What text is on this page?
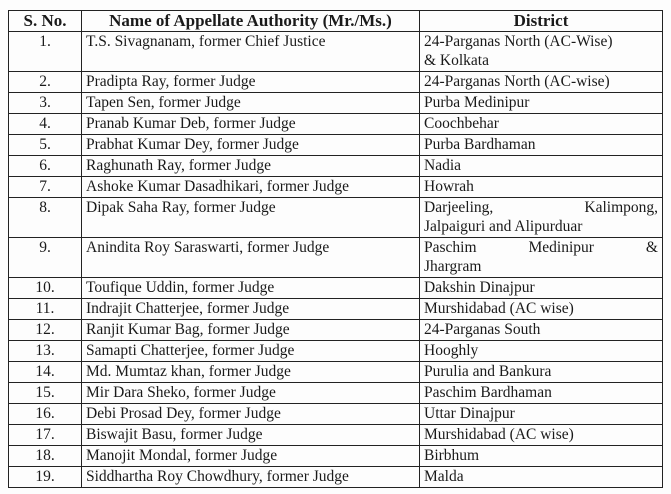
S. No.	Name of Appellate Authority (Mr./Ms.)	District
1.	T.S. Sivagnanam, former Chief Justice	24-Parganas North (AC-Wise)
& Kolkata

2.	Pradipta Ray, former Judge	24-Parganas North (AC-wise)

3.	Tapen Sen, former Judge	Purba Medinipur

4.	Pranab Kumar Deb, former Judge	Coochbehar

5.	Prabhat Kumar Dey, former Judge	Purba Bardhaman

6.	Raghunath Ray, former Judge	Nadia

7.	Ashoke Kumar Dasadhikari, former Judge	Howrah

8.	Dipak Saha Ray, former Judge	Darjeeling, Kalimpong,
Jalpaiguri and Alipurduar

9.	Anindita Roy Saraswarti, former Judge	Paschim Medinipur &
Jhargram

10.	Toufique Uddin, former Judge	Dakshin Dinajpur

11.	Indrajit Chatterjee, former Judge	Murshidabad (AC wise)

12.	Ranjit Kumar Bag, former Judge	24-Parganas South

13.	Samapti Chatterjee, former Judge	Hooghly

14.	Md. Mumtaz khan, former Judge	Purulia and Bankura

15.	Mir Dara Sheko, former Judge	Paschim Bardhaman

16.	Debi Prosad Dey, former Judge	Uttar Dinajpur

17.	Biswajit Basu, former Judge	Murshidabad (AC wise)

18.	Manojit Mondal, former Judge	Birbhum

19.	Siddhartha Roy Chowdhury, former Judge	Malda
